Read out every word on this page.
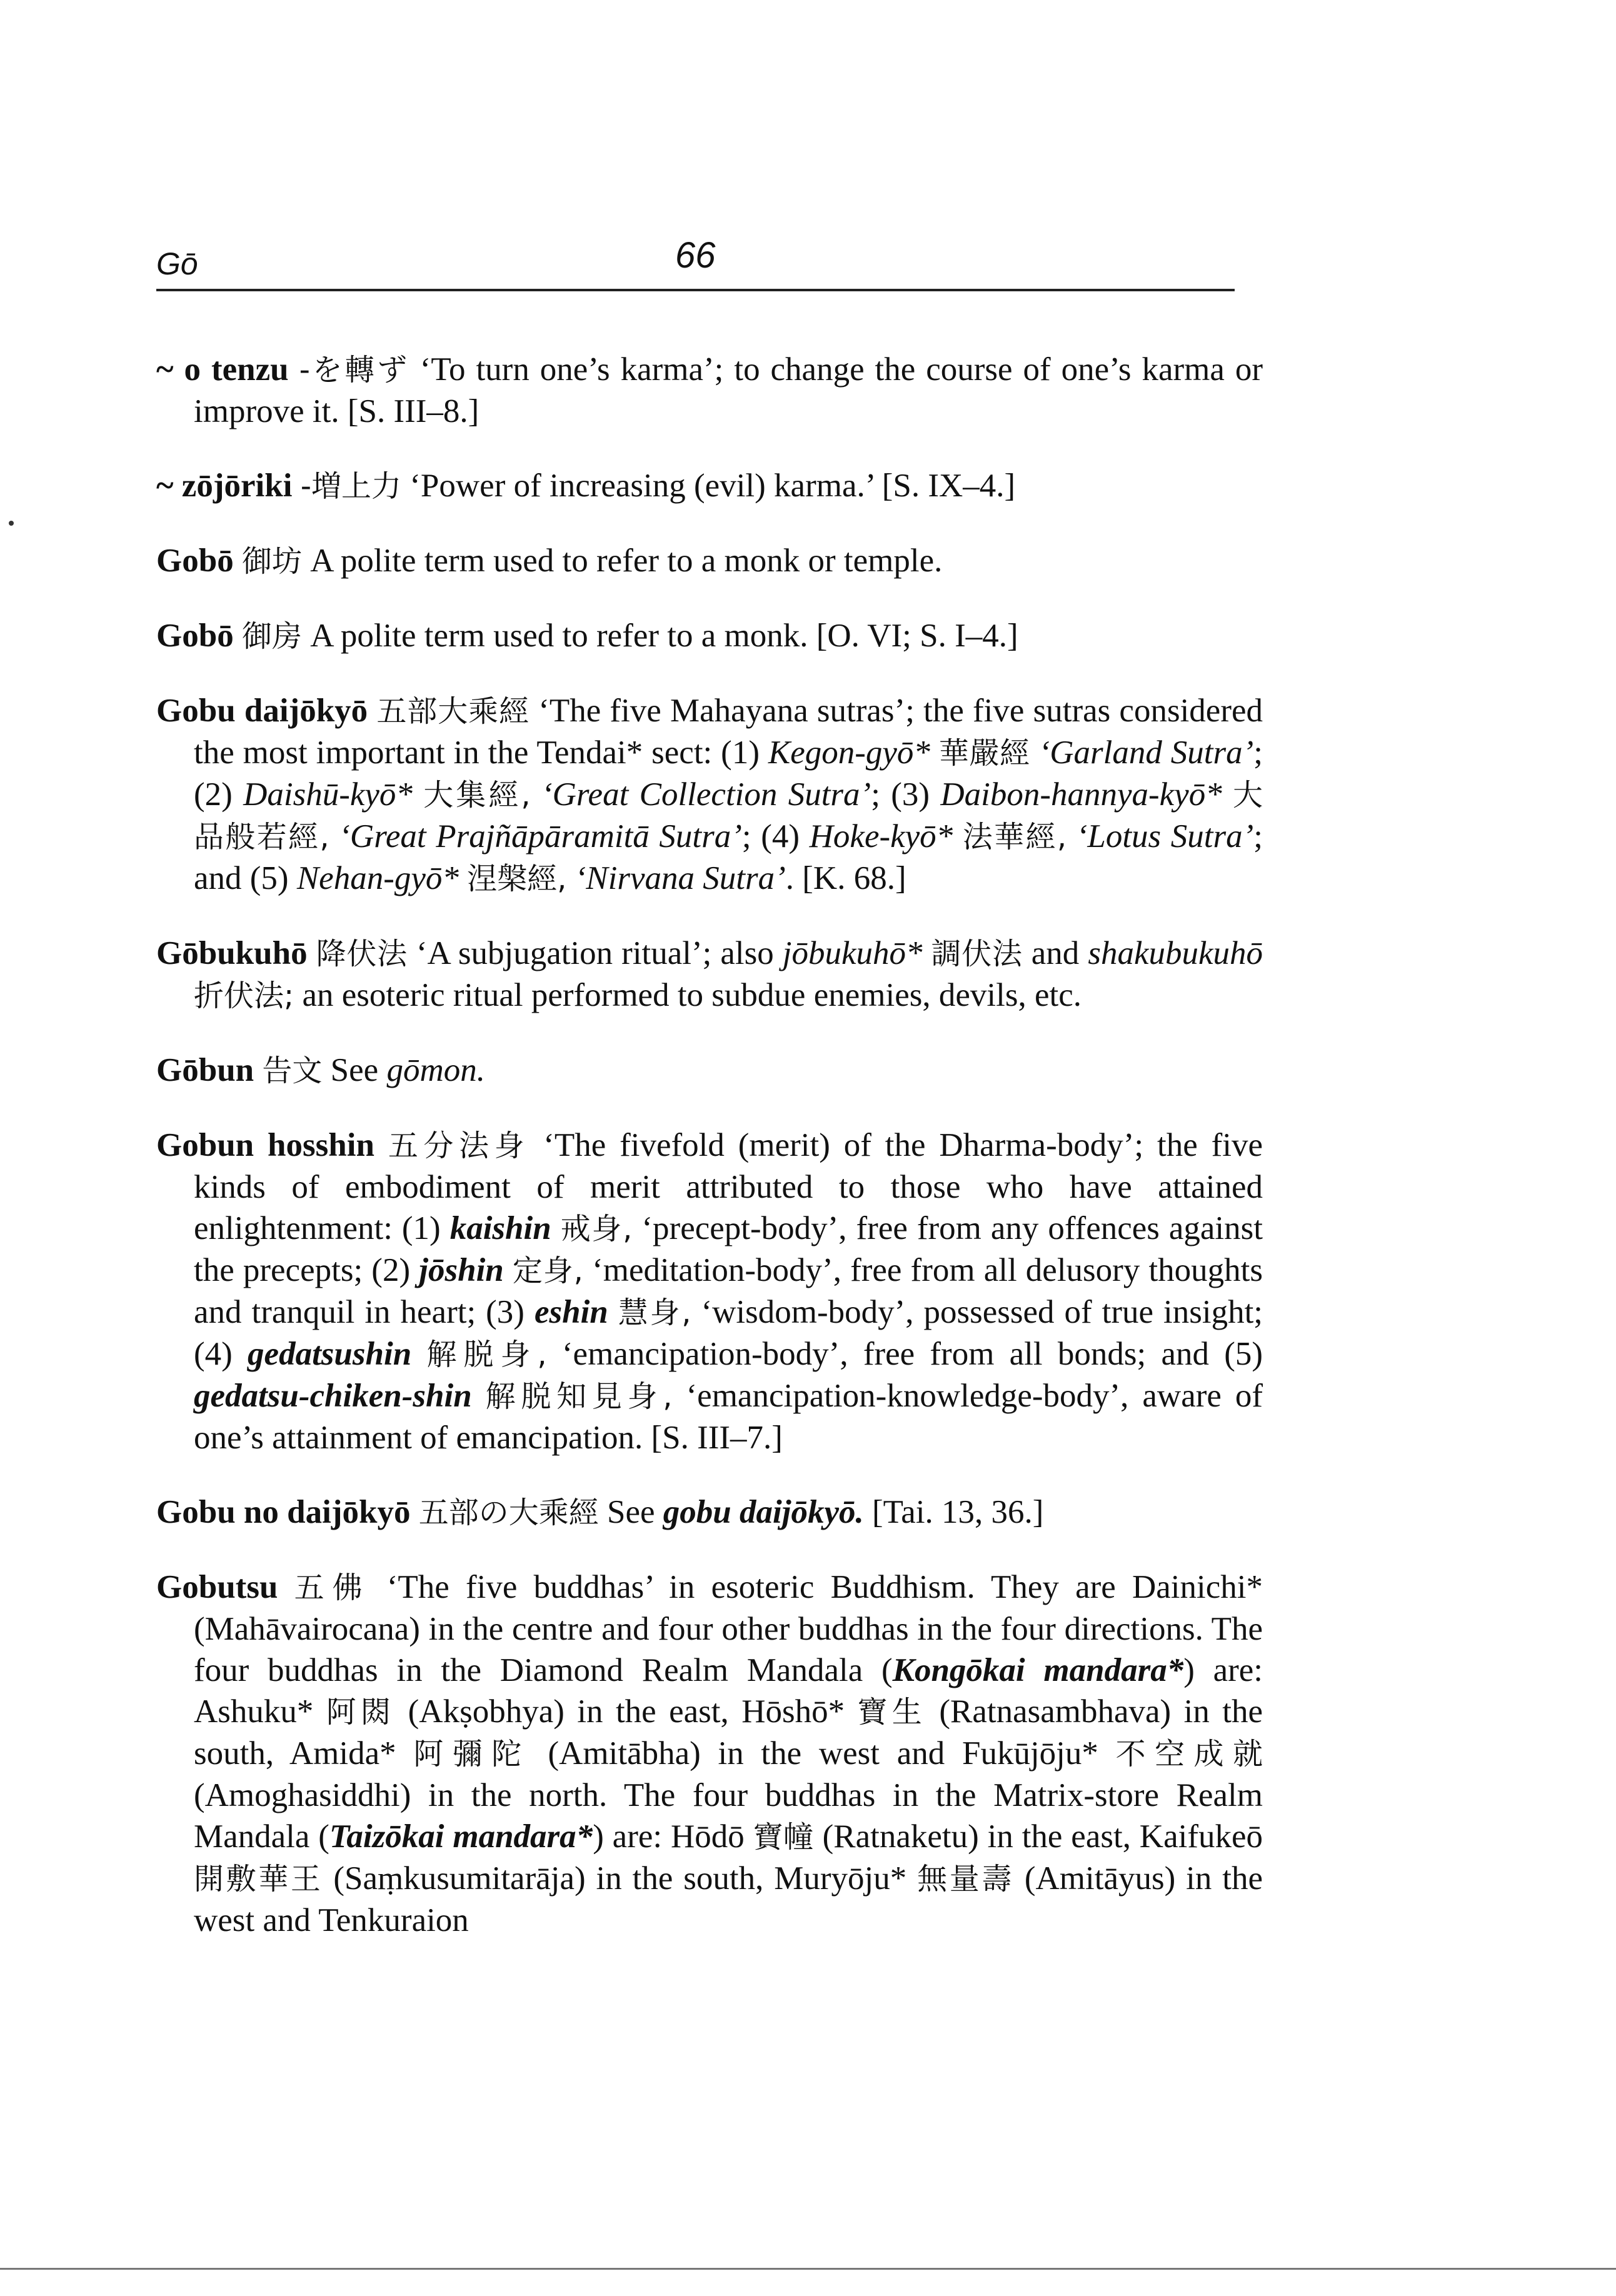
Gō	66

~ o tenzu -を轉ず ‘To turn one’s karma’; to change the course of one’s karma or improve it. [S. III–8.]

~ zōjōriki -増上力 ‘Power of increasing (evil) karma.’ [S. IX–4.]

Gobō 御坊 A polite term used to refer to a monk or temple.

Gobō 御房 A polite term used to refer to a monk. [O. VI; S. I–4.]

Gobu daijōkyō 五部大乘經 ‘The five Mahayana sutras’; the five sutras considered the most important in the Tendai* sect: (1) Kegon-gyō* 華嚴經 ‘Garland Sutra’; (2) Daishū-kyō* 大集經, ‘Great Collection Sutra’; (3) Daibon-hannya-kyō* 大品般若經, ‘Great Prajñāpāramitā Sutra’; (4) Hoke-kyō* 法華經, ‘Lotus Sutra’; and (5) Nehan-gyō* 涅槃經, ‘Nirvana Sutra’. [K. 68.]

Gōbukuhō 降伏法 ‘A subjugation ritual’; also jōbukuhō* 調伏法 and shakubukuhō 折伏法; an esoteric ritual performed to subdue enemies, devils, etc.

Gōbun 告文 See gōmon.

Gobun hosshin 五分法身 ‘The fivefold (merit) of the Dharma-body’; the five kinds of embodiment of merit attributed to those who have attained enlightenment: (1) kaishin 戒身, ‘precept-body’, free from any offences against the precepts; (2) jōshin 定身, ‘meditation-body’, free from all delusory thoughts and tranquil in heart; (3) eshin 慧身, ‘wisdom-body’, possessed of true insight; (4) gedatsushin 解脱身, ‘emancipation-body’, free from all bonds; and (5) gedatsu-chiken-shin 解脱知見身, ‘emancipation-knowledge-body’, aware of one’s attainment of emancipation. [S. III–7.]

Gobu no daijōkyō 五部の大乘經 See gobu daijōkyō. [Tai. 13, 36.]

Gobutsu 五佛 ‘The five buddhas’ in esoteric Buddhism. They are Dainichi* (Mahāvairocana) in the centre and four other buddhas in the four directions. The four buddhas in the Diamond Realm Mandala (Kongōkai mandara*) are: Ashuku* 阿閦 (Akṣobhya) in the east, Hōshō* 寶生 (Ratnasambhava) in the south, Amida* 阿彌陀 (Amitābha) in the west and Fukūjōju* 不空成就 (Amoghasiddhi) in the north. The four buddhas in the Matrix-store Realm Mandala (Taizōkai mandara*) are: Hōdō 寶幢 (Ratnaketu) in the east, Kaifukeō 開敷華王 (Saṃkusumitarāja) in the south, Muryōju* 無量壽 (Amitāyus) in the west and Tenkuraion
